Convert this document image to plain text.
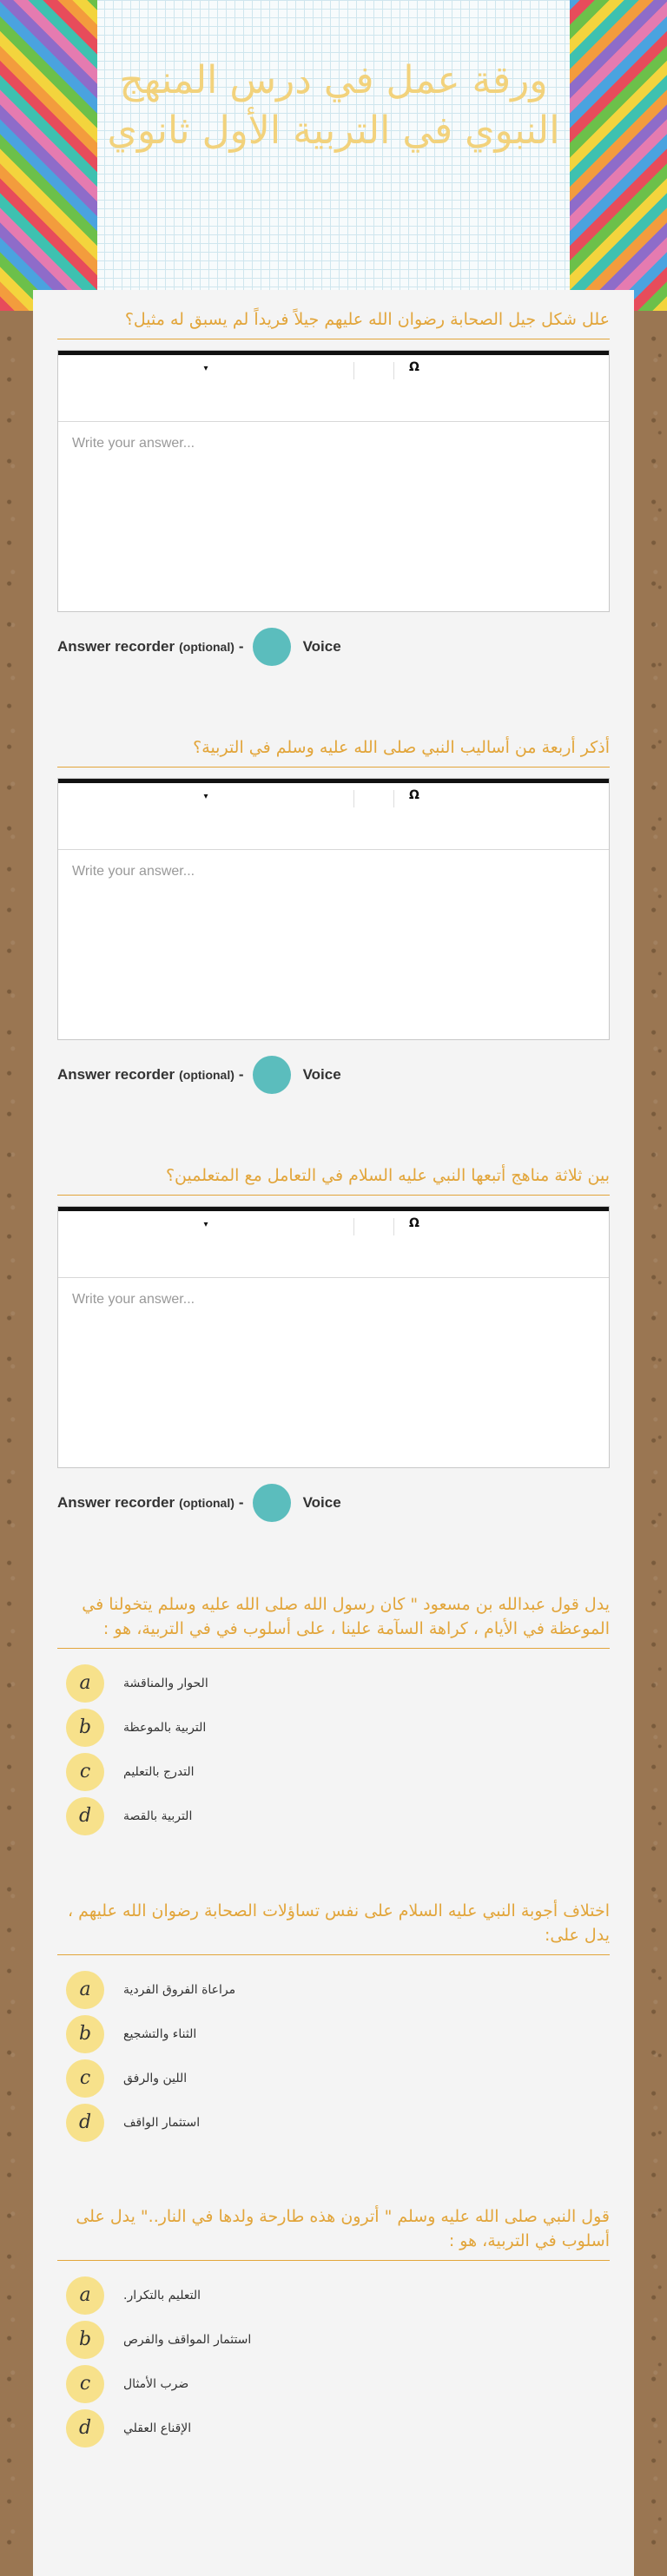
ورقة عمل في درس المنهج النبوي في التربية الأول ثانوي

علل شكل جيل الصحابة رضوان الله عليهم جيلاً فريداً لم يسبق له مثيل؟

▾	Ω
Write your answer...
Answer recorder (optional) -	Voice

أذكر أربعة من أساليب النبي صلى الله عليه وسلم في التربية؟

▾	Ω
Write your answer...
Answer recorder (optional) -	Voice

بين ثلاثة مناهج أتبعها النبي عليه السلام في التعامل مع المتعلمين؟

▾	Ω
Write your answer...
Answer recorder (optional) -	Voice

يدل قول عبدالله بن مسعود " كان رسول الله صلى الله عليه وسلم يتخولنا في الموعظة في الأيام ، كراهة السآمة علينا ، على أسلوب في في التربية، هو :

a	الحوار والمناقشة
b	التربية بالموعظة
c	التدرج بالتعليم
d	التربية بالقصة

اختلاف أجوبة النبي عليه السلام على نفس تساؤلات الصحابة رضوان الله عليهم ، يدل على:

a	مراعاة الفروق الفردية
b	الثناء والتشجيع
c	اللين والرفق
d	استثمار الواقف

قول النبي صلى الله عليه وسلم " أترون هذه طارحة ولدها في النار.." يدل على أسلوب في التربية، هو :

a	التعليم بالتكرار.
b	استثمار المواقف والفرص
c	ضرب الأمثال
d	الإقناع العقلي
